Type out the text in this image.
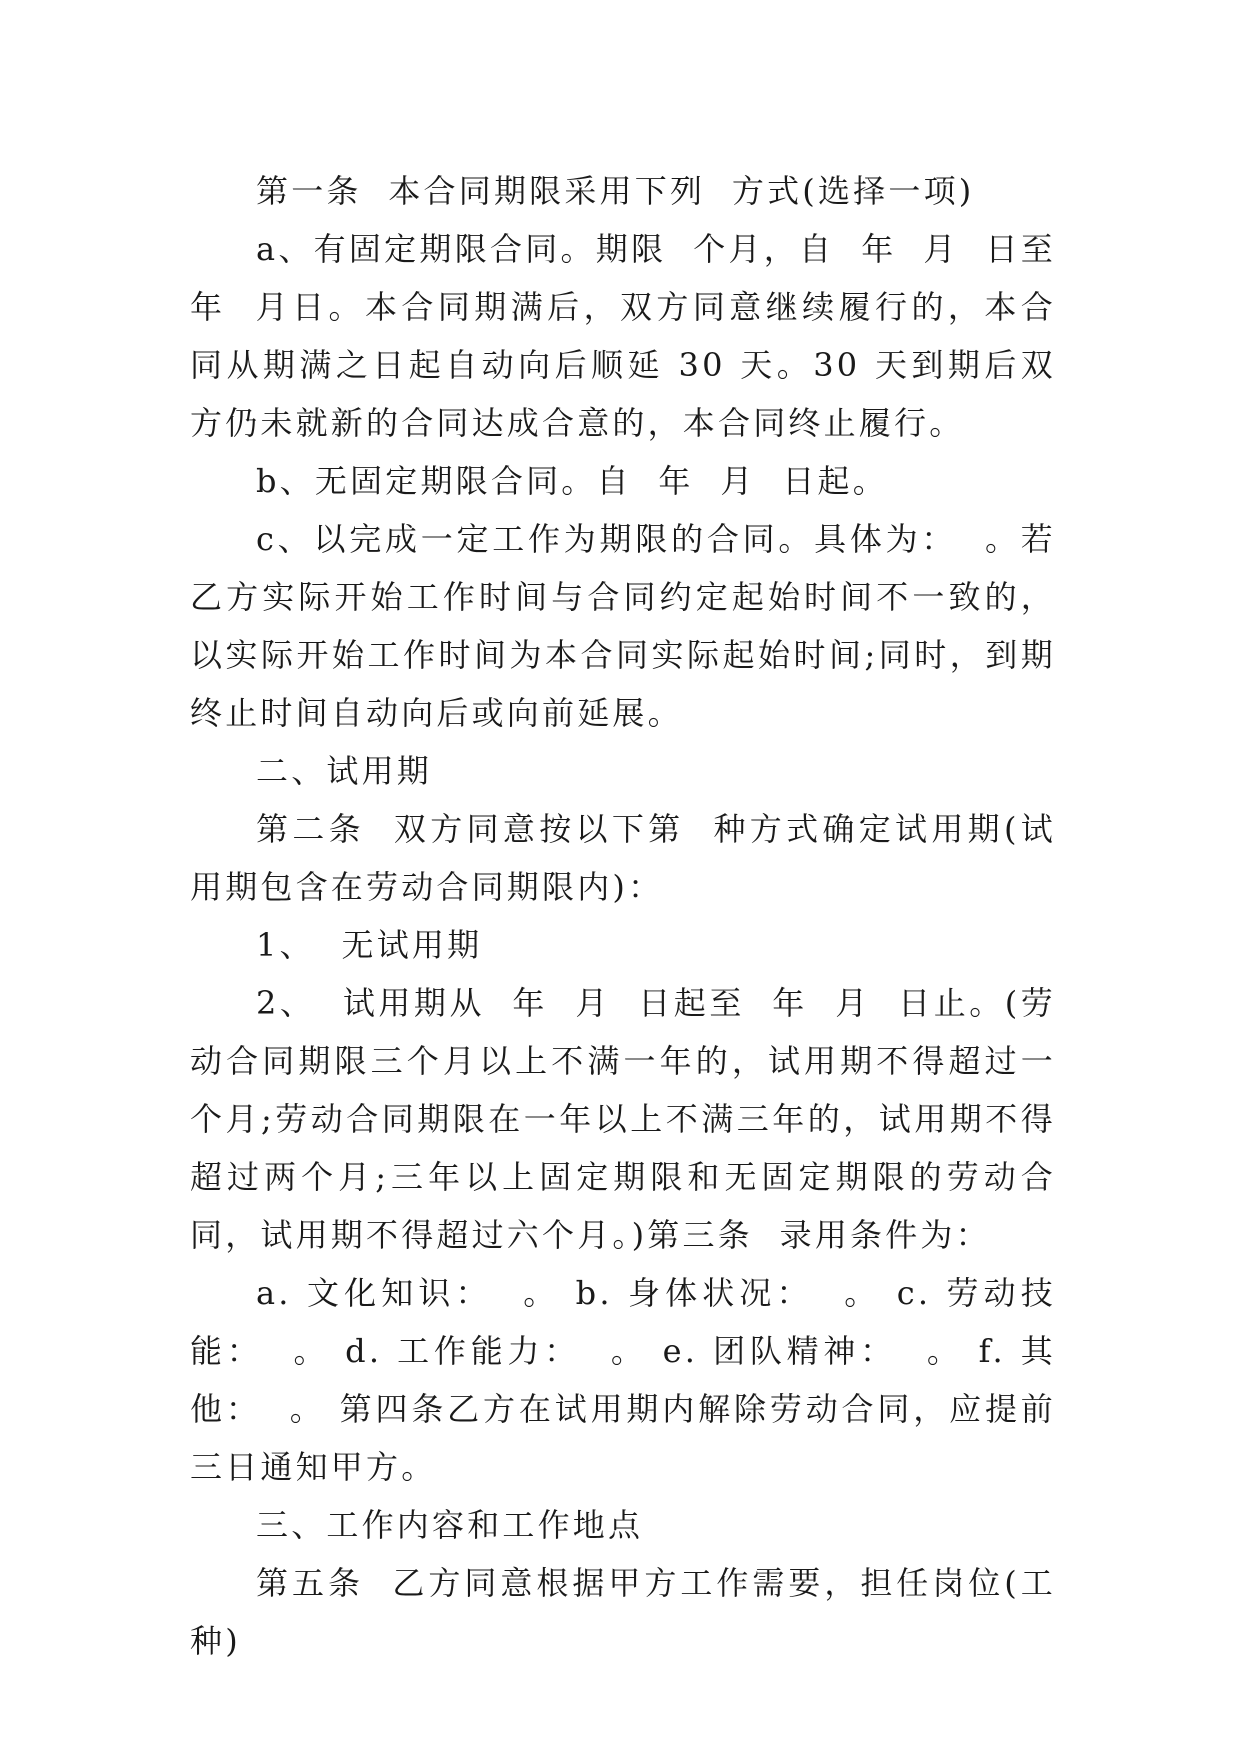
第一条  本合同期限采用下列  方式(选择一项)

a、有固定期限合同。期限  个月，自  年  月  日至  年  月日。本合同期满后，双方同意继续履行的，本合同从期满之日起自动向后顺延 30 天。30 天到期后双方仍未就新的合同达成合意的，本合同终止履行。

b、无固定期限合同。自  年  月  日起。

c、以完成一定工作为期限的合同。具体为：  。若乙方实际开始工作时间与合同约定起始时间不一致的，以实际开始工作时间为本合同实际起始时间;同时，到期终止时间自动向后或向前延展。

二、试用期

第二条  双方同意按以下第  种方式确定试用期(试用期包含在劳动合同期限内)：

1、  无试用期

2、  试用期从  年  月  日起至  年  月  日止。(劳动合同期限三个月以上不满一年的，试用期不得超过一个月;劳动合同期限在一年以上不满三年的，试用期不得超过两个月;三年以上固定期限和无固定期限的劳动合同，试用期不得超过六个月。)第三条  录用条件为：

a. 文化知识：  。 b. 身体状况：  。 c. 劳动技能：  。 d. 工作能力：  。 e. 团队精神：  。 f. 其他：  。 第四条乙方在试用期内解除劳动合同，应提前三日通知甲方。

三、工作内容和工作地点

第五条  乙方同意根据甲方工作需要，担任岗位(工种)
